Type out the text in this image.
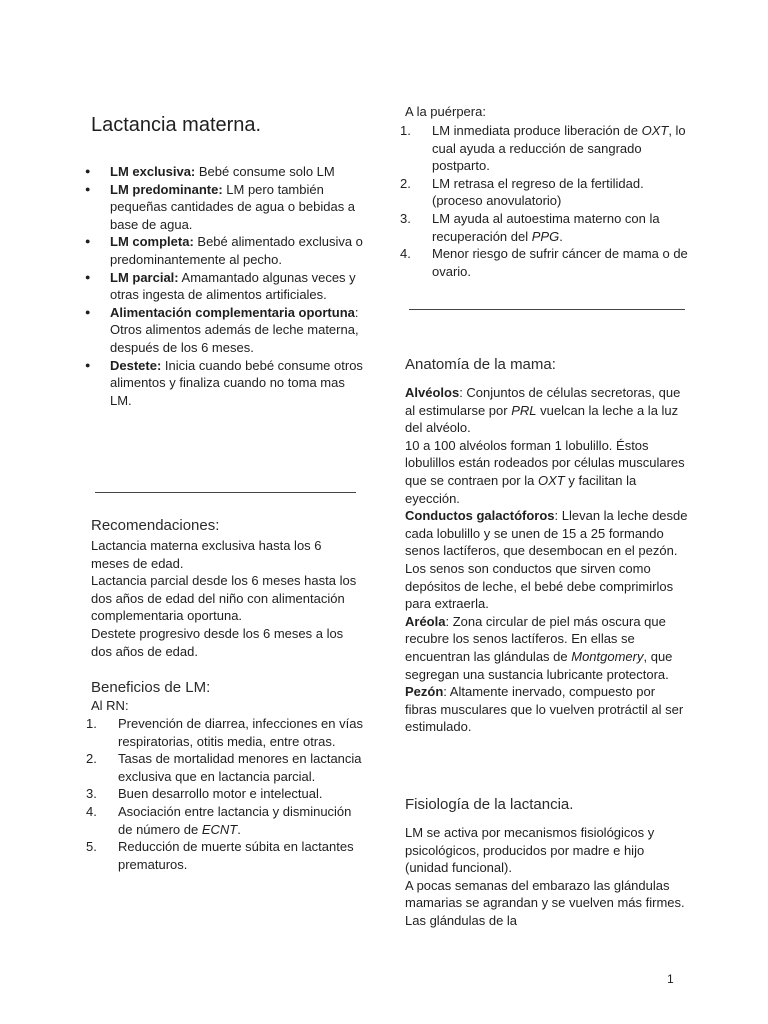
Lactancia materna.
● LM exclusiva: Bebé consume solo LM
● LM predominante: LM pero también pequeñas cantidades de agua o bebidas a base de agua.
● LM completa: Bebé alimentado exclusiva o predominantemente al pecho.
● LM parcial: Amamantado algunas veces y otras ingesta de alimentos artificiales.
● Alimentación complementaria oportuna: Otros alimentos además de leche materna, después de los 6 meses.
● Destete: Inicia cuando bebé consume otros alimentos y finaliza cuando no toma mas LM.
Recomendaciones:

Lactancia materna exclusiva hasta los 6 meses de edad.

Lactancia parcial desde los 6 meses hasta los dos años de edad del niño con alimentación complementaria oportuna.

Destete progresivo desde los 6 meses a los dos años de edad.

Beneficios de LM:
Al RN:
1. Prevención de diarrea, infecciones en vías respiratorias, otitis media, entre otras.
2. Tasas de mortalidad menores en lactancia exclusiva que en lactancia parcial.
3. Buen desarrollo motor e intelectual.
4. Asociación entre lactancia y disminución de número de ECNT.
5. Reducción de muerte súbita en lactantes prematuros.
A la puérpera:
1. LM inmediata produce liberación de OXT, lo cual ayuda a reducción de sangrado postparto.
2. LM retrasa el regreso de la fertilidad. (proceso anovulatorio)
3. LM ayuda al autoestima materno con la recuperación del PPG.
4. Menor riesgo de sufrir cáncer de mama o de ovario.
Anatomía de la mama:

Alvéolos: Conjuntos de células secretoras, que al estimularse por PRL vuelcan la leche a la luz del alvéolo.

10 a 100 alvéolos forman 1 lobulillo. Éstos lobulillos están rodeados por células musculares que se contraen por la OXT y facilitan la eyección.

Conductos galactóforos: Llevan la leche desde cada lobulillo y se unen de 15 a 25 formando senos lactíferos, que desembocan en el pezón. Los senos son conductos que sirven como depósitos de leche, el bebé debe comprimirlos para extraerla.

Aréola: Zona circular de piel más oscura que recubre los senos lactíferos. En ellas se encuentran las glándulas de Montgomery, que segregan una sustancia lubricante protectora.

Pezón: Altamente inervado, compuesto por fibras musculares que lo vuelven protráctil al ser estimulado.

Fisiología de la lactancia.

LM se activa por mecanismos fisiológicos y psicológicos, producidos por madre e hijo (unidad funcional).

A pocas semanas del embarazo las glándulas mamarias se agrandan y se vuelven más firmes. Las glándulas de la

1
